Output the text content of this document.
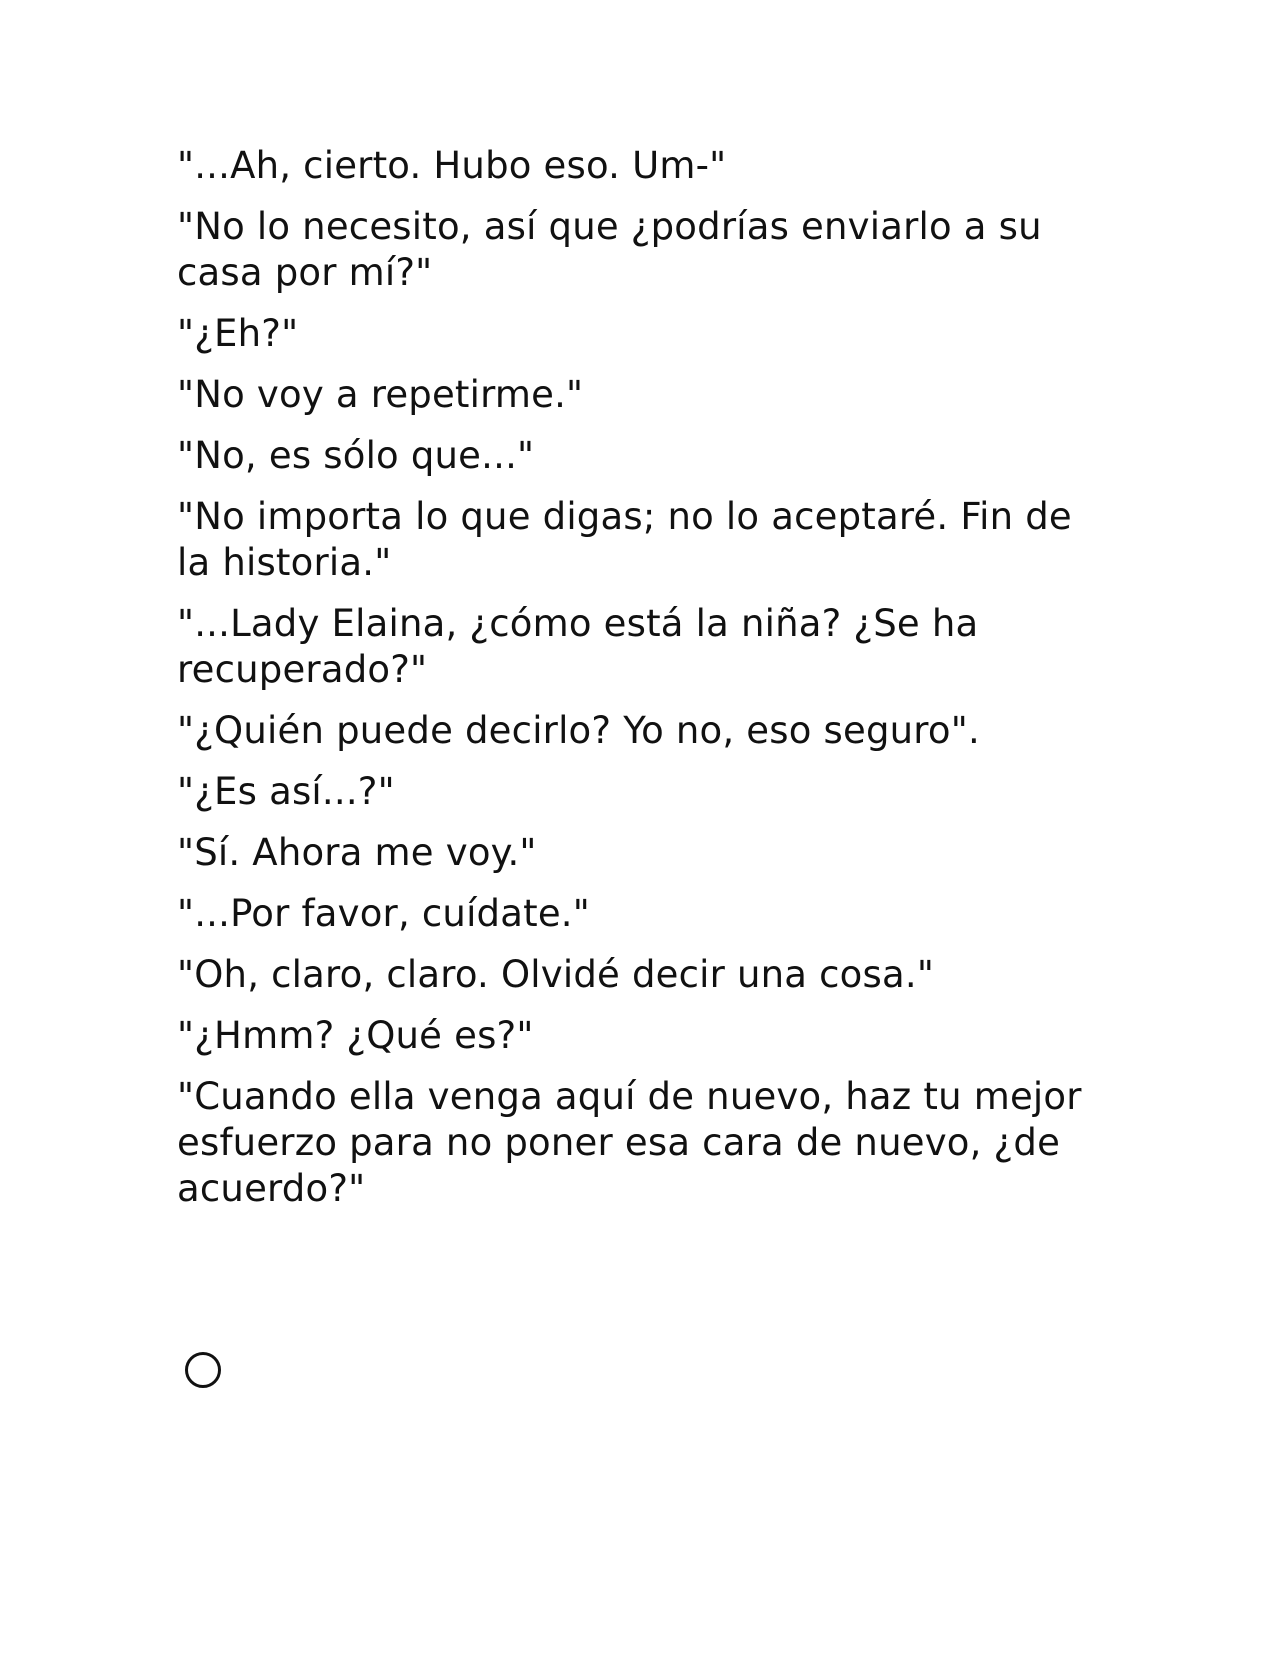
"...Ah, cierto. Hubo eso. Um-"

"No lo necesito, así que ¿podrías enviarlo a su casa por mí?"

"¿Eh?"

"No voy a repetirme."

"No, es sólo que..."

"No importa lo que digas; no lo aceptaré. Fin de la historia."

"...Lady Elaina, ¿cómo está la niña? ¿Se ha recuperado?"

"¿Quién puede decirlo? Yo no, eso seguro".

"¿Es así...?"

"Sí. Ahora me voy."

"...Por favor, cuídate."

"Oh, claro, claro. Olvidé decir una cosa."

"¿Hmm? ¿Qué es?"

"Cuando ella venga aquí de nuevo, haz tu mejor esfuerzo para no poner esa cara de nuevo, ¿de acuerdo?"
